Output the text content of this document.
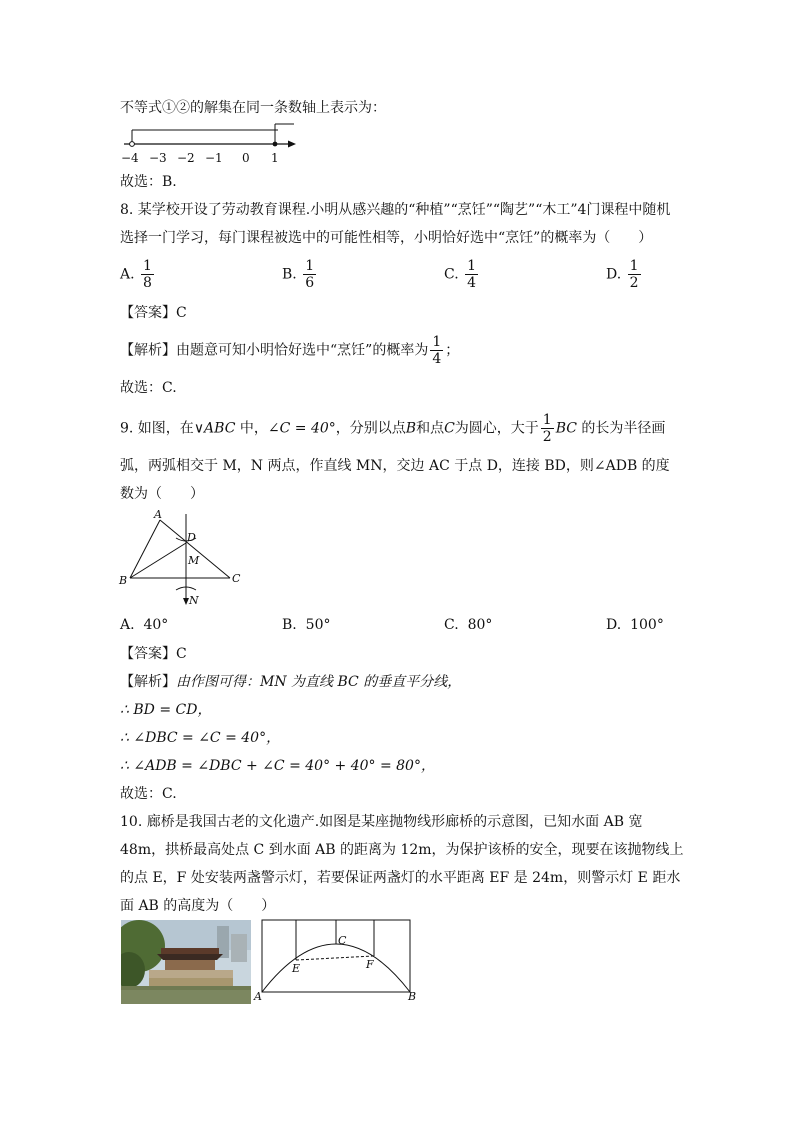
不等式①②的解集在同一条数轴上表示为：
−4 −3 −2 −1 0 1
故选：B.
8. 某学校开设了劳动教育课程.小明从感兴趣的“种植”“烹饪”“陶艺”“木工”4门课程中随机
选择一门学习，每门课程被选中的可能性相等，小明恰好选中“烹饪”的概率为（　　）
A. $\frac{1}{8}$	B. $\frac{1}{6}$	C. $\frac{1}{4}$	D. $\frac{1}{2}$
【答案】C
【解析】由题意可知小明恰好选中“烹饪”的概率为 $\frac{1}{4}$ ；
故选：C.
9. 如图，在∨ABC 中，∠C = 40°，分别以点B和点C为圆心，大于 $\frac{1}{2}$ BC 的长为半径画
弧，两弧相交于 M，N 两点，作直线 MN，交边 AC 于点 D，连接 BD，则∠ADB 的度
数为（　　）
A
B	C
D
M
N
A. 40°	B. 50°	C. 80°	D. 100°
【答案】C
【解析】由作图可得：MN 为直线 BC 的垂直平分线，
∴ BD = CD，
∴ ∠DBC = ∠C = 40°，
∴ ∠ADB = ∠DBC + ∠C = 40° + 40° = 80°，
故选：C.
10. 廊桥是我国古老的文化遗产.如图是某座抛物线形廊桥的示意图，已知水面 AB 宽
48m，拱桥最高处点 C 到水面 AB 的距离为 12m，为保护该桥的安全，现要在该抛物线上
的点 E，F 处安装两盏警示灯，若要保证两盏灯的水平距离 EF 是 24m，则警示灯 E 距水
面 AB 的高度为（　　）
C
E	F
A	B
